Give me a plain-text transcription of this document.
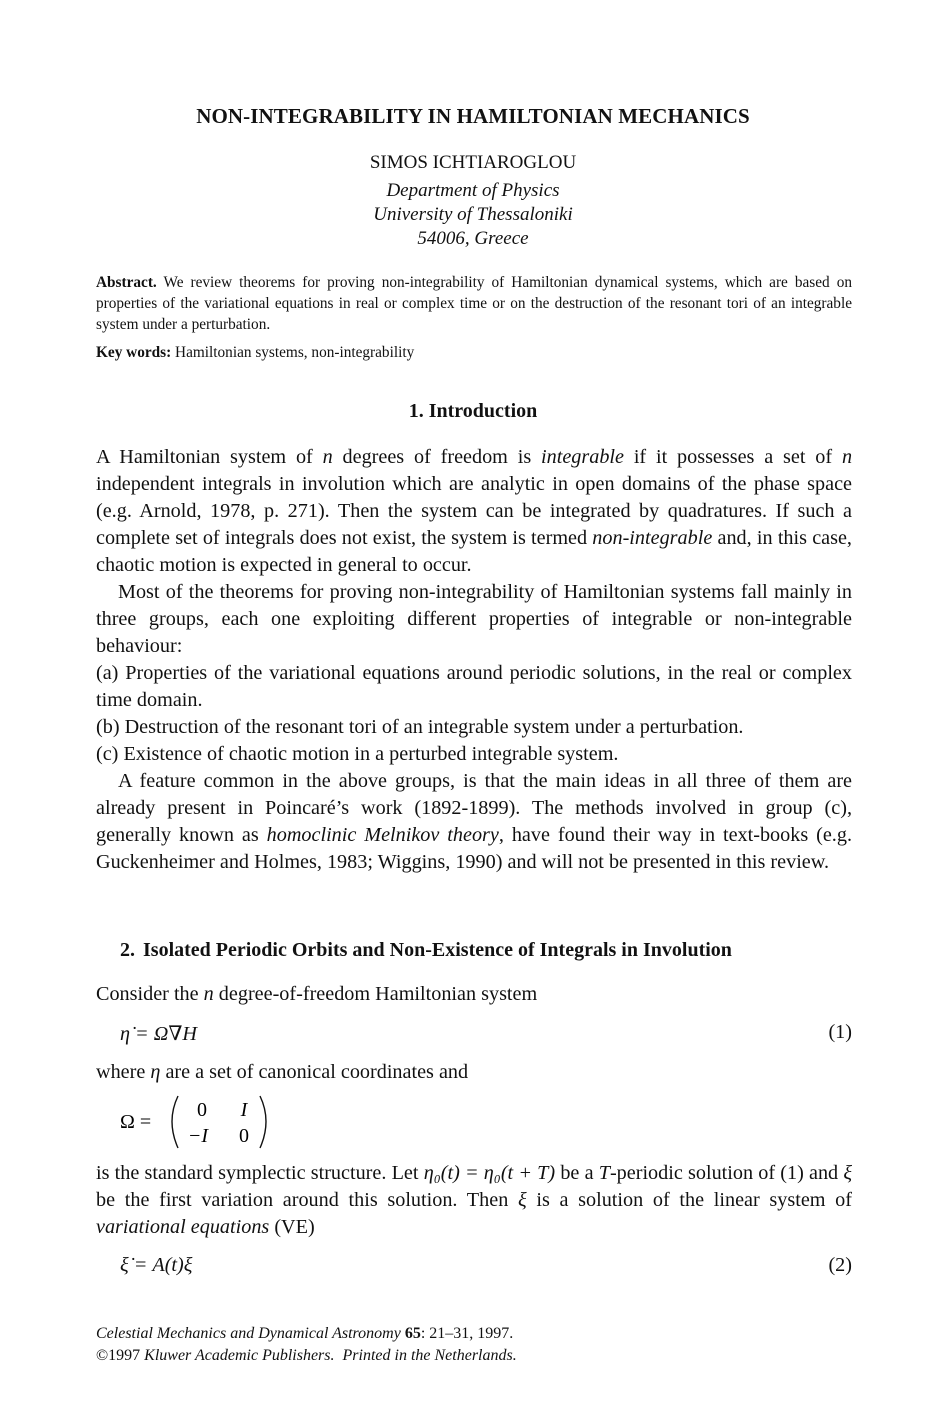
NON-INTEGRABILITY IN HAMILTONIAN MECHANICS
SIMOS ICHTIAROGLOU
Department of Physics
University of Thessaloniki
54006, Greece
Abstract. We review theorems for proving non-integrability of Hamiltonian dynamical systems, which are based on properties of the variational equations in real or complex time or on the destruction of the resonant tori of an integrable system under a perturbation.
Key words: Hamiltonian systems, non-integrability
1. Introduction

A Hamiltonian system of n degrees of freedom is integrable if it possesses a set of n independent integrals in involution which are analytic in open domains of the phase space (e.g. Arnold, 1978, p. 271). Then the system can be integrated by quadratures. If such a complete set of integrals does not exist, the system is termed non-integrable and, in this case, chaotic motion is expected in general to occur.

Most of the theorems for proving non-integrability of Hamiltonian systems fall mainly in three groups, each one exploiting different properties of integrable or non-integrable behaviour:

(a) Properties of the variational equations around periodic solutions, in the real or complex time domain.

(b) Destruction of the resonant tori of an integrable system under a perturbation.

(c) Existence of chaotic motion in a perturbed integrable system.

A feature common in the above groups, is that the main ideas in all three of them are already present in Poincaré’s work (1892-1899). The methods involved in group (c), generally known as homoclinic Melnikov theory, have found their way in text-books (e.g. Guckenheimer and Holmes, 1983; Wiggins, 1990) and will not be presented in this review.

2. Isolated Periodic Orbits and Non-Existence of Integrals in Involution
Consider the n degree-of-freedom Hamiltonian system
η̇ = Ω∇H	(1)
where η are a set of canonical coordinates and
Ω =
0 I
−I 0

is the standard symplectic structure. Let η₀(t) = η₀(t + T) be a T-periodic solution of (1) and ξ be the first variation around this solution. Then ξ is a solution of the linear system of variational equations (VE)

ξ̇ = A(t)ξ	(2)
Celestial Mechanics and Dynamical Astronomy 65: 21–31, 1997.
©1997 Kluwer Academic Publishers. Printed in the Netherlands.
